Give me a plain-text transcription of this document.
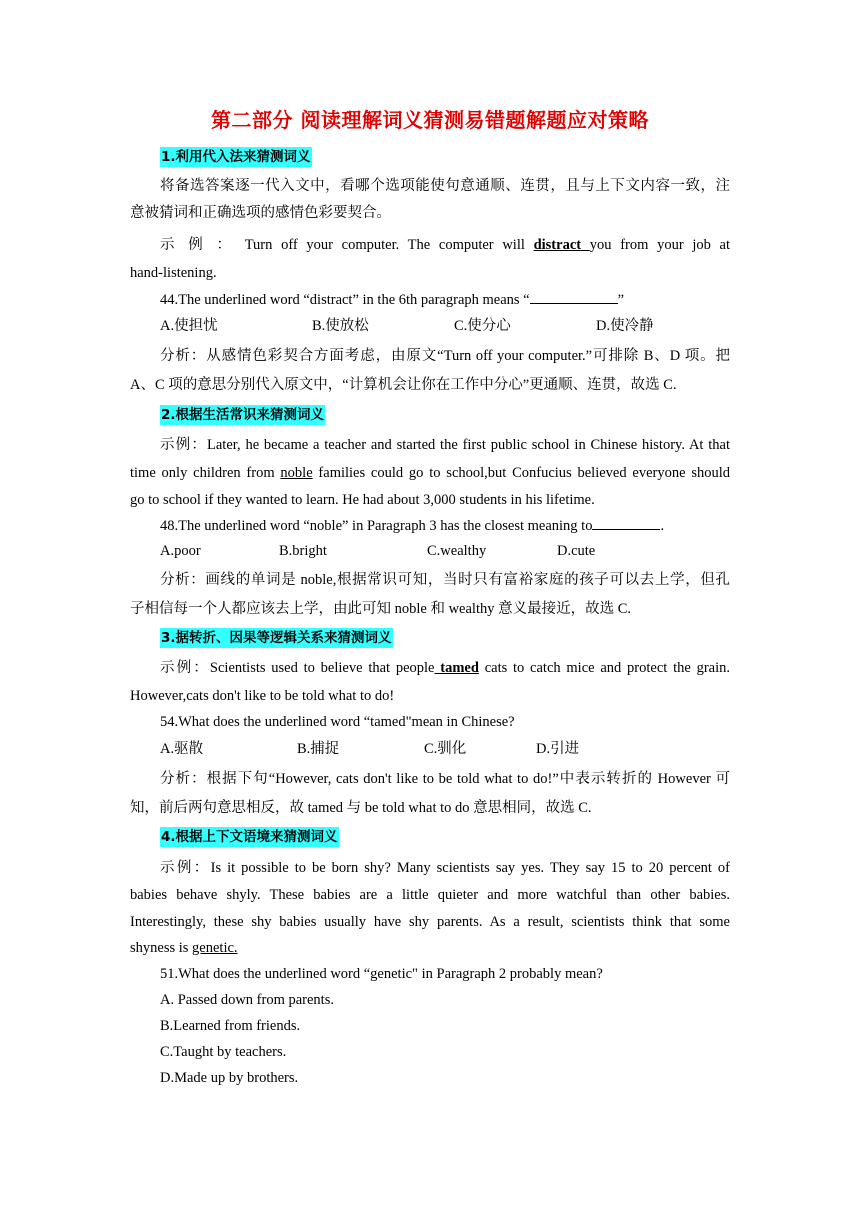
第二部分 阅读理解词义猜测易错题解题应对策略
1.利用代入法来猜测词义
将备选答案逐一代入文中，看哪个选项能使句意通顺、连贯，且与上下文内容一致，注
意被猜词和正确选项的感情色彩要契合。
示 例 ： Turn off your computer. The computer will distract you from your job at
hand-listening.
44.The underlined word “distract” in the 6th paragraph means “	”
A.使担忧	B.使放松	C.使分心	D.使冷静
分析：从感情色彩契合方面考虑，由原文“Turn off your computer.”可排除 B、D 项。把
A、C 项的意思分别代入原文中，“计算机会让你在工作中分心”更通顺、连贯，故选 C.
2.根据生活常识来猜测词义
示例：Later, he became a teacher and started the first public school in Chinese history. At that
time only children from noble families could go to school,but Confucius believed everyone should
go to school if they wanted to learn. He had about 3,000 students in his lifetime.
48.The underlined word “noble” in Paragraph 3 has the closest meaning to	.
A.poor	B.bright	C.wealthy	D.cute
分析：画线的单词是 noble,根据常识可知，当时只有富裕家庭的孩子可以去上学，但孔
子相信每一个人都应该去上学，由此可知 noble 和 wealthy 意义最接近，故选 C.
3.据转折、因果等逻辑关系来猜测词义
示例：Scientists used to believe that people tamed cats to catch mice and protect the grain.
However,cats don't like to be told what to do!
54.What does the underlined word “tamed"mean in Chinese?
A.驱散	B.捕捉	C.驯化	D.引进
分析：根据下句“However, cats don't like to be told what to do!”中表示转折的 However 可
知，前后两句意思相反，故 tamed 与 be told what to do 意思相同，故选 C.
4.根据上下文语境来猜测词义
示例：Is it possible to be born shy? Many scientists say yes. They say 15 to 20 percent of
babies behave shyly. These babies are a little quieter and more watchful than other babies.
Interestingly, these shy babies usually have shy parents. As a result, scientists think that some
shyness is genetic.
51.What does the underlined word “genetic" in Paragraph 2 probably mean?
A. Passed down from parents.
B.Learned from friends.
C.Taught by teachers.
D.Made up by brothers.
